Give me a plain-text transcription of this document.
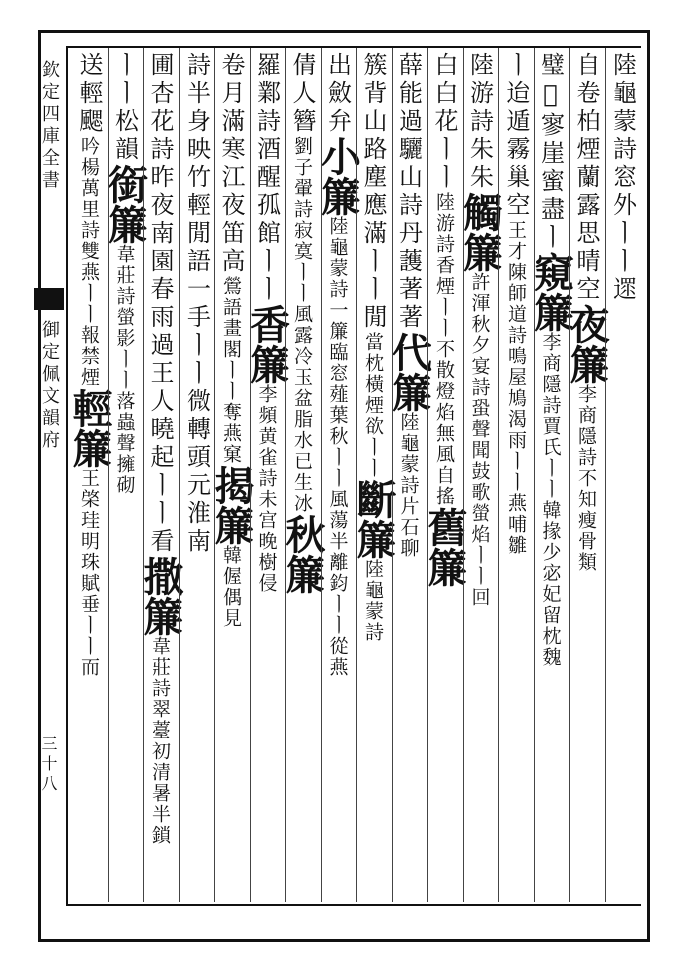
欽定四庫全書
御定佩文韻府
三十八
陸龜蒙詩窓外ㅣㅣ遝
自卷柏煙蘭露思晴空夜簾李商隱詩不知瘦骨類
璧𡪈寥崖蜜盡ㅣ窺簾李商隱詩賈氏ㅣㅣ韓掾少宓妃留枕魏
ㅣ迨遁霧巢空王才陳師道詩鳴屋鳩渴雨ㅣㅣ燕哺雛
陸游詩朱朱觸簾許渾秋夕宴詩蛩聲聞鼓歌螢焰ㅣㅣ回
白白花ㅣㅣ陸游詩香煙ㅣㅣ不散燈焰無風自搖舊簾
薛能過驪山詩丹䕶著著代簾陸龜蒙詩片石聊
簇背山路塵應滿ㅣㅣ閒當枕橫煙欲ㅣㅣ斷簾陸龜蒙詩
出斂弁小簾陸龜蒙詩一簾臨窓薤葉秋ㅣㅣ風蕩半離鈞ㅣㅣ從燕
倩人簪劉子翬詩寂寞ㅣㅣ風露冷玉盆脂水已生冰秋簾
羅鄴詩酒醒孤館ㅣㅣ香簾李頻黄雀詩未宫晚樹侵
卷月滿寒江夜笛高鶯語畫閣ㅣㅣ奪燕窠揭簾韓偓偶見
詩半身映竹輕閒語一手ㅣㅣ微轉頭元淮南
圃杏花詩昨夜南園春雨過王人曉起ㅣㅣ看撒簾韋莊詩翠薹初清暑半鎖
ㅣㅣ松韻銜簾韋莊詩螢影ㅣㅣ落蟲聲擁砌
送輕颸吟楊萬里詩雙燕ㅣㅣ報禁煙輕簾王棨珪明珠賦垂ㅣㅣ而
